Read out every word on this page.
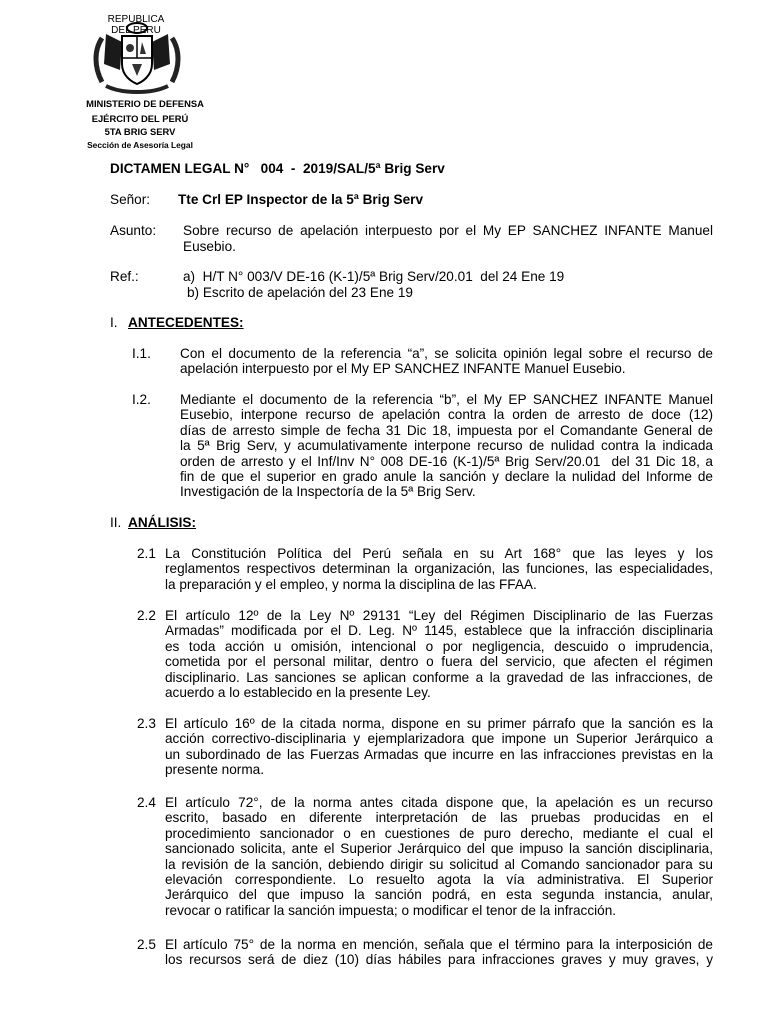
REPUBLICA
DEL PERU
MINISTERIO DE DEFENSA
EJÉRCITO DEL PERÚ
5TA BRIG SERV
Sección de Asesoría Legal
DICTAMEN LEGAL N°   004  -  2019/SAL/5ª Brig Serv
Señor: Tte Crl EP Inspector de la 5ª Brig Serv
Asunto: Sobre recurso de apelación interpuesto por el My EP SANCHEZ INFANTE Manuel
Eusebio.
Ref.:	a)  H/T N° 003/V DE-16 (K-1)/5ª Brig Serv/20.01  del 24 Ene 19
b) Escrito de apelación del 23 Ene 19
I. ANTECEDENTES:
I.1. Con el documento de la referencia “a”, se solicita opinión legal sobre el recurso de
apelación interpuesto por el My EP SANCHEZ INFANTE Manuel Eusebio.
I.2. Mediante el documento de la referencia “b”, el My EP SANCHEZ INFANTE Manuel
Eusebio, interpone recurso de apelación contra la orden de arresto de doce (12)
días de arresto simple de fecha 31 Dic 18, impuesta por el Comandante General de
la 5ª Brig Serv, y acumulativamente interpone recurso de nulidad contra la indicada
orden de arresto y el Inf/Inv N° 008 DE-16 (K-1)/5ª Brig Serv/20.01  del 31 Dic 18, a
fin de que el superior en grado anule la sanción y declare la nulidad del Informe de
Investigación de la Inspectoría de la 5ª Brig Serv.
II. ANÁLISIS:
2.1 La Constitución Política del Perú señala en su Art 168° que las leyes y los
reglamentos respectivos determinan la organización, las funciones, las especialidades,
la preparación y el empleo, y norma la disciplina de las FFAA.
2.2 El artículo 12º de la Ley Nº 29131 “Ley del Régimen Disciplinario de las Fuerzas
Armadas” modificada por el D. Leg. Nº 1145, establece que la infracción disciplinaria
es toda acción u omisión, intencional o por negligencia, descuido o imprudencia,
cometida por el personal militar, dentro o fuera del servicio, que afecten el régimen
disciplinario. Las sanciones se aplican conforme a la gravedad de las infracciones, de
acuerdo a lo establecido en la presente Ley.
2.3 El artículo 16º de la citada norma, dispone en su primer párrafo que la sanción es la
acción correctivo-disciplinaria y ejemplarizadora que impone un Superior Jerárquico a
un subordinado de las Fuerzas Armadas que incurre en las infracciones previstas en la
presente norma.
2.4 El artículo 72°, de la norma antes citada dispone que, la apelación es un recurso
escrito, basado en diferente interpretación de las pruebas producidas en el
procedimiento sancionador o en cuestiones de puro derecho, mediante el cual el
sancionado solicita, ante el Superior Jerárquico del que impuso la sanción disciplinaria,
la revisión de la sanción, debiendo dirigir su solicitud al Comando sancionador para su
elevación correspondiente. Lo resuelto agota la vía administrativa. El Superior
Jerárquico del que impuso la sanción podrá, en esta segunda instancia, anular,
revocar o ratificar la sanción impuesta; o modificar el tenor de la infracción.
2.5 El artículo 75° de la norma en mención, señala que el término para la interposición de
los recursos será de diez (10) días hábiles para infracciones graves y muy graves, y
